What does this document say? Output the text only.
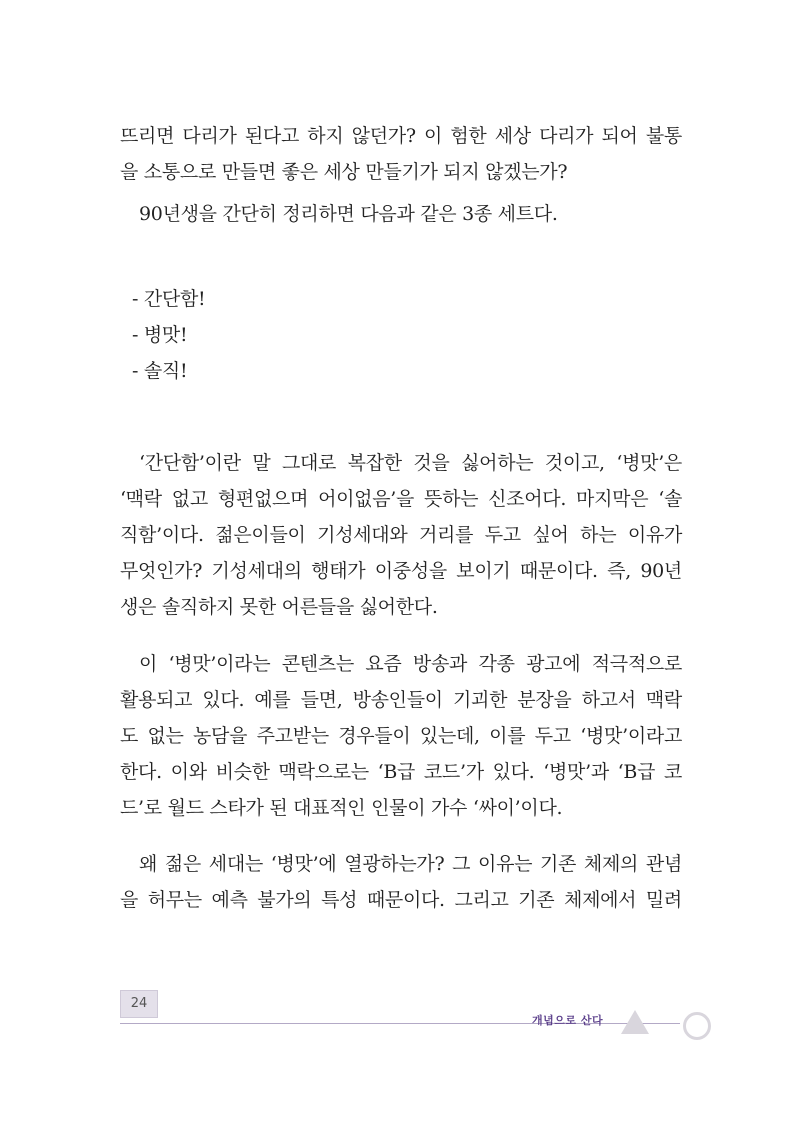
뜨리면 다리가 된다고 하지 않던가? 이 험한 세상 다리가 되어 불통
을 소통으로 만들면 좋은 세상 만들기가 되지 않겠는가?
90년생을 간단히 정리하면 다음과 같은 3종 세트다.
- 간단함!
- 병맛!
- 솔직!
‘간단함’이란 말 그대로 복잡한 것을 싫어하는 것이고, ‘병맛’은
‘맥락 없고 형편없으며 어이없음’을 뜻하는 신조어다. 마지막은 ‘솔
직함’이다. 젊은이들이 기성세대와 거리를 두고 싶어 하는 이유가
무엇인가? 기성세대의 행태가 이중성을 보이기 때문이다. 즉, 90년
생은 솔직하지 못한 어른들을 싫어한다.
이 ‘병맛’이라는 콘텐츠는 요즘 방송과 각종 광고에 적극적으로
활용되고 있다. 예를 들면, 방송인들이 기괴한 분장을 하고서 맥락
도 없는 농담을 주고받는 경우들이 있는데, 이를 두고 ‘병맛’이라고
한다. 이와 비슷한 맥락으로는 ‘B급 코드’가 있다. ‘병맛’과 ‘B급 코
드’로 월드 스타가 된 대표적인 인물이 가수 ‘싸이’이다.
왜 젊은 세대는 ‘병맛’에 열광하는가? 그 이유는 기존 체제의 관념
을 허무는 예측 불가의 특성 때문이다. 그리고 기존 체제에서 밀려
24
개념으로 산다
